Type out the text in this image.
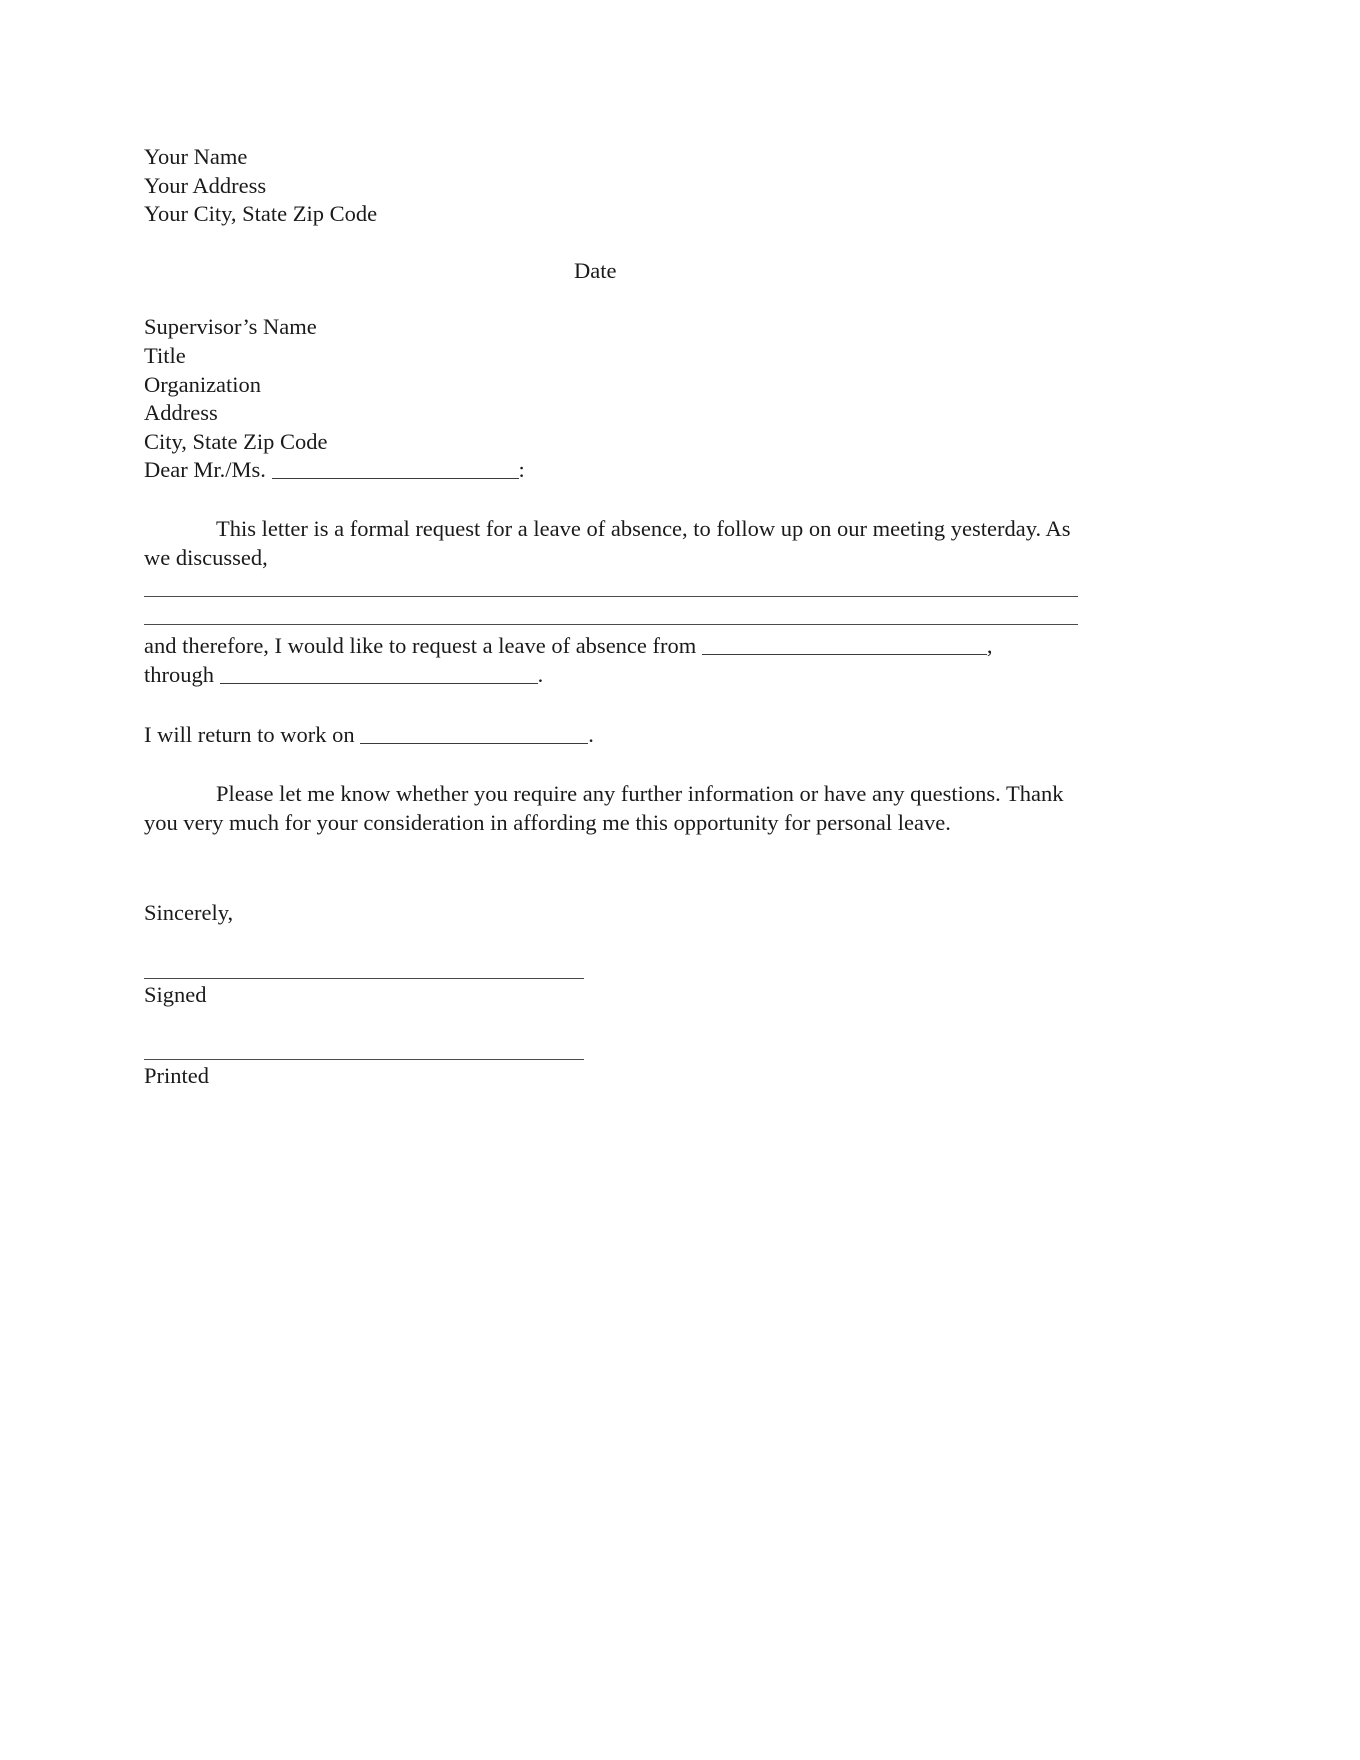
Your Name
Your Address
Your City, State Zip Code
Date
Supervisor’s Name
Title
Organization
Address
City, State Zip Code
Dear Mr./Ms.	:
This letter is a formal request for a leave of absence, to follow up on our meeting yesterday. As we discussed,
and therefore, I would like to request a leave of absence from	,
through	.
I will return to work on	.
Please let me know whether you require any further information or have any questions. Thank you very much for your consideration in affording me this opportunity for personal leave.
Sincerely,
Signed
Printed
